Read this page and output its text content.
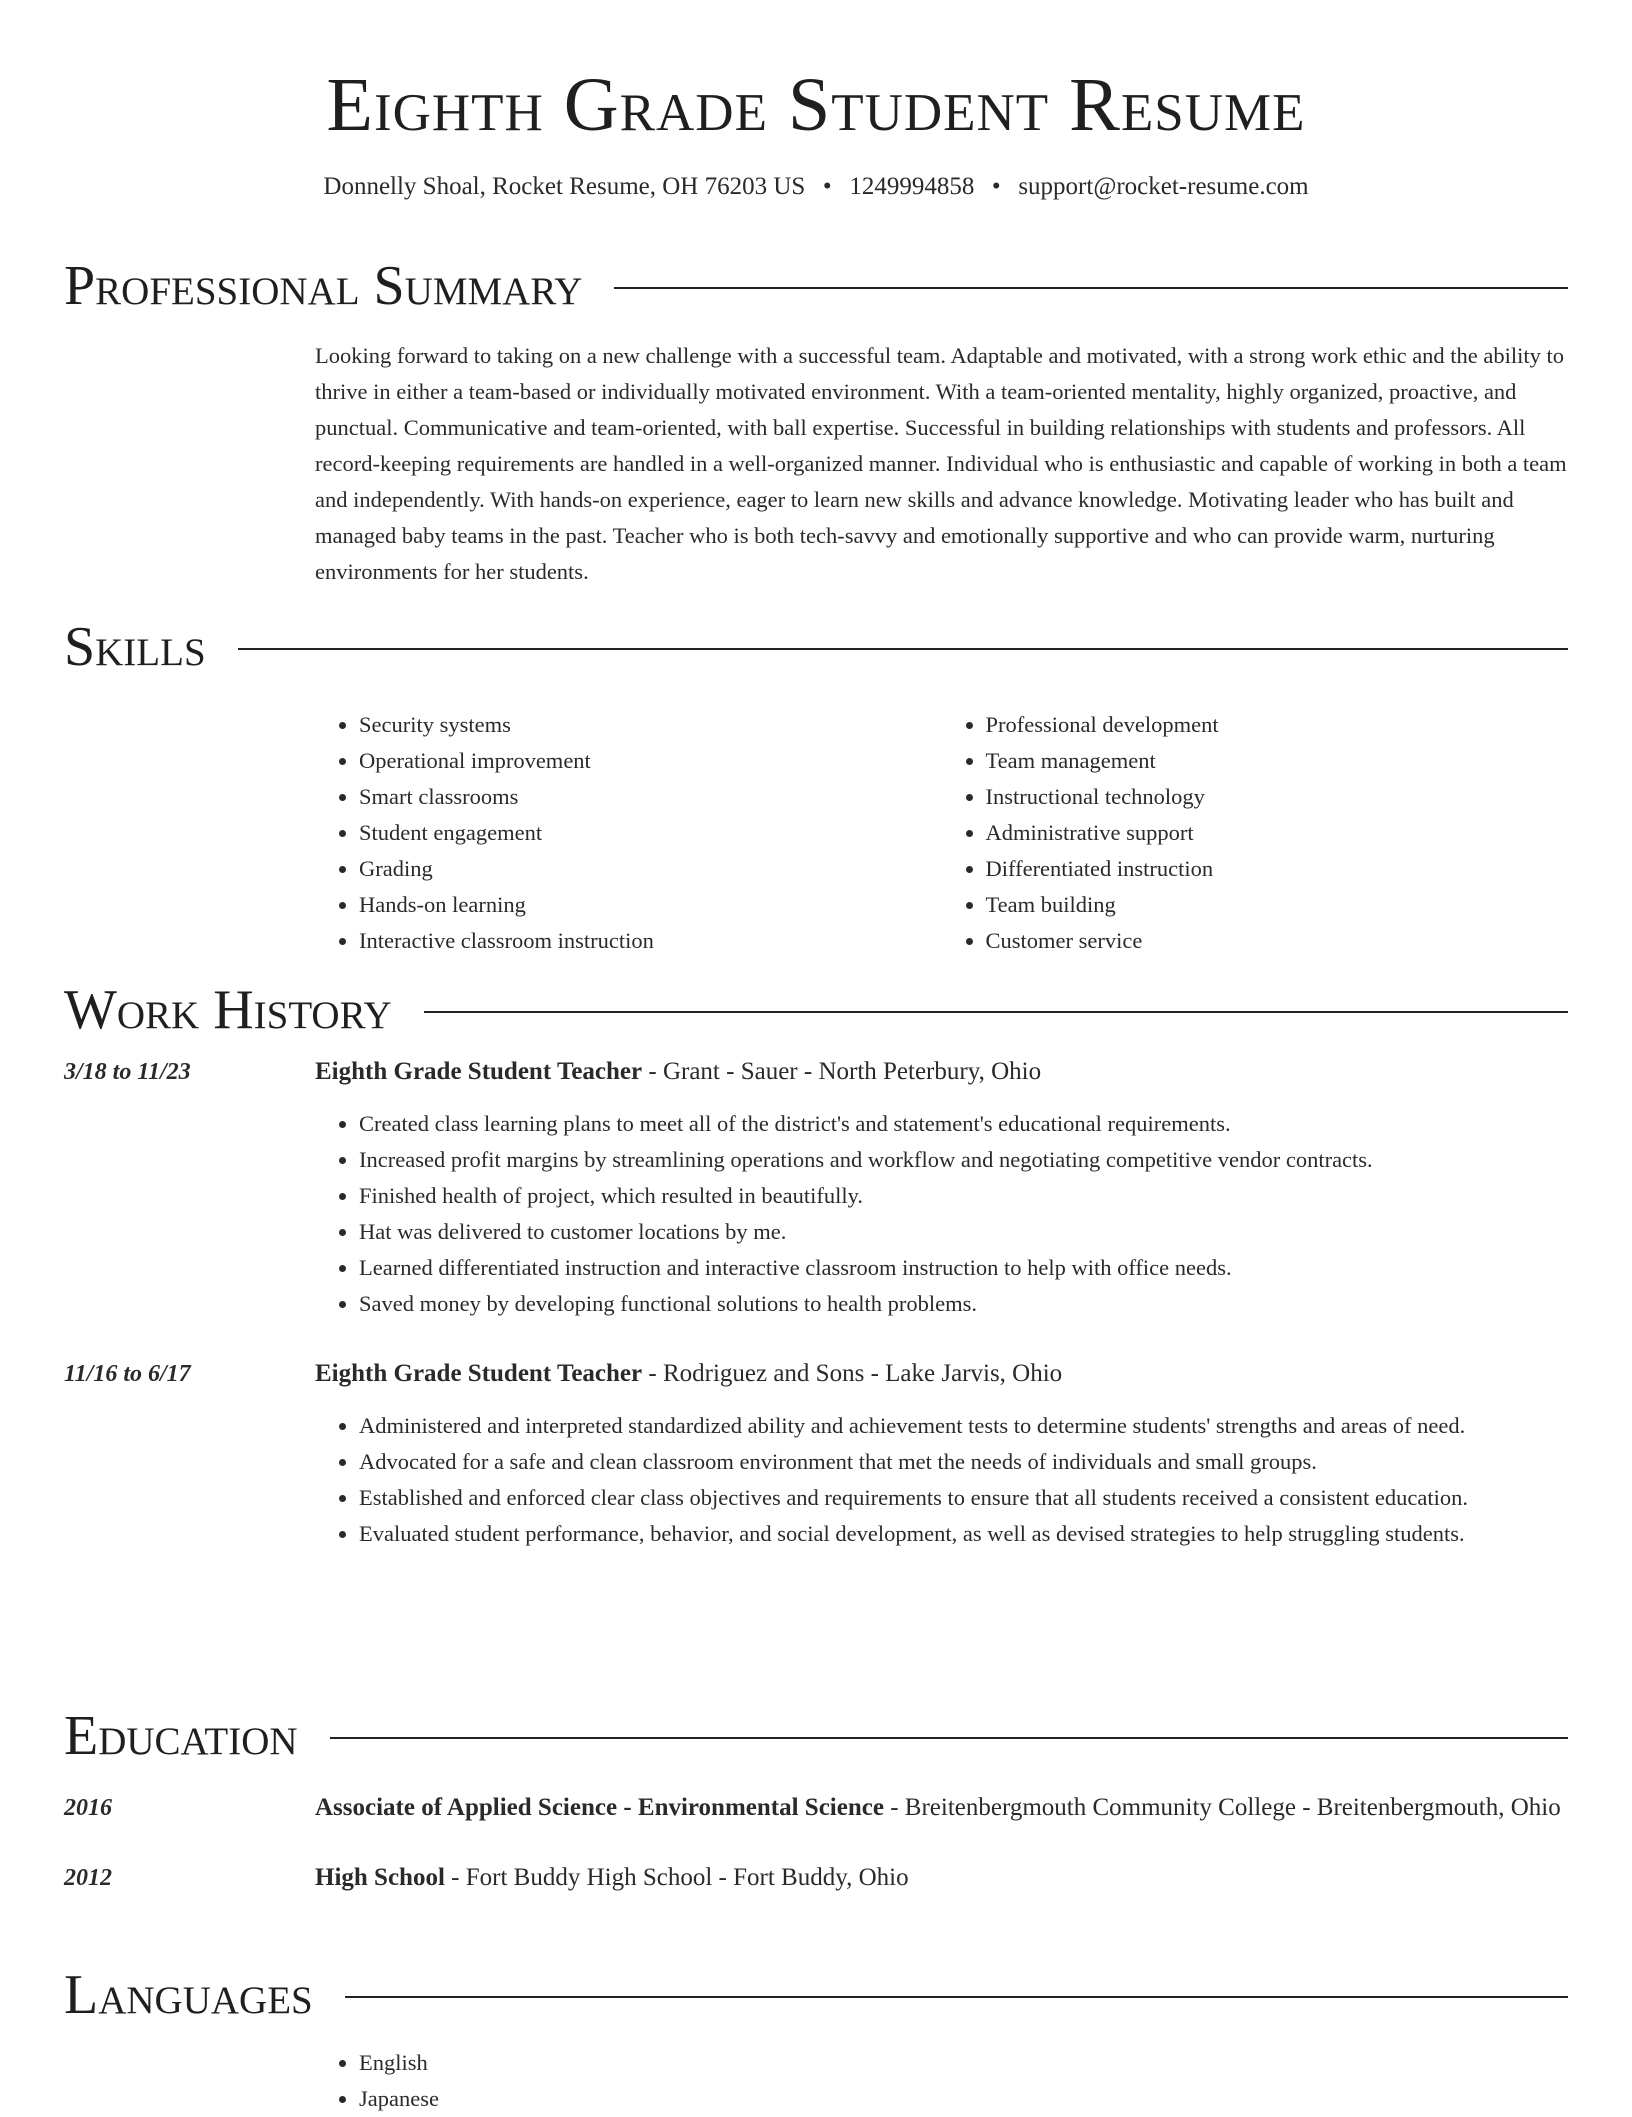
Eighth Grade Student Resume
Donnelly Shoal, Rocket Resume, OH 76203 US • 1249994858 • support@rocket-resume.com
Professional Summary

Looking forward to taking on a new challenge with a successful team. Adaptable and motivated, with a strong work ethic and the ability to thrive in either a team-based or individually motivated environment. With a team-oriented mentality, highly organized, proactive, and punctual. Communicative and team-oriented, with ball expertise. Successful in building relationships with students and professors. All record-keeping requirements are handled in a well-organized manner. Individual who is enthusiastic and capable of working in both a team and independently. With hands-on experience, eager to learn new skills and advance knowledge. Motivating leader who has built and managed baby teams in the past. Teacher who is both tech-savvy and emotionally supportive and who can provide warm, nurturing environments for her students.

Skills
• Security systems
• Operational improvement
• Smart classrooms
• Student engagement
• Grading
• Hands-on learning
• Interactive classroom instruction
• Professional development
• Team management
• Instructional technology
• Administrative support
• Differentiated instruction
• Team building
• Customer service
Work History
3/18 to 11/23	Eighth Grade Student Teacher - Grant - Sauer - North Peterbury, Ohio
• Created class learning plans to meet all of the district's and statement's educational requirements.
• Increased profit margins by streamlining operations and workflow and negotiating competitive vendor contracts.
• Finished health of project, which resulted in beautifully.
• Hat was delivered to customer locations by me.
• Learned differentiated instruction and interactive classroom instruction to help with office needs.
• Saved money by developing functional solutions to health problems.
11/16 to 6/17	Eighth Grade Student Teacher - Rodriguez and Sons - Lake Jarvis, Ohio
• Administered and interpreted standardized ability and achievement tests to determine students' strengths and areas of need.
• Advocated for a safe and clean classroom environment that met the needs of individuals and small groups.
• Established and enforced clear class objectives and requirements to ensure that all students received a consistent education.
• Evaluated student performance, behavior, and social development, as well as devised strategies to help struggling students.
Education
2016	Associate of Applied Science - Environmental Science - Breitenbergmouth Community College - Breitenbergmouth, Ohio
2012	High School - Fort Buddy High School - Fort Buddy, Ohio
Languages
• English
• Japanese
